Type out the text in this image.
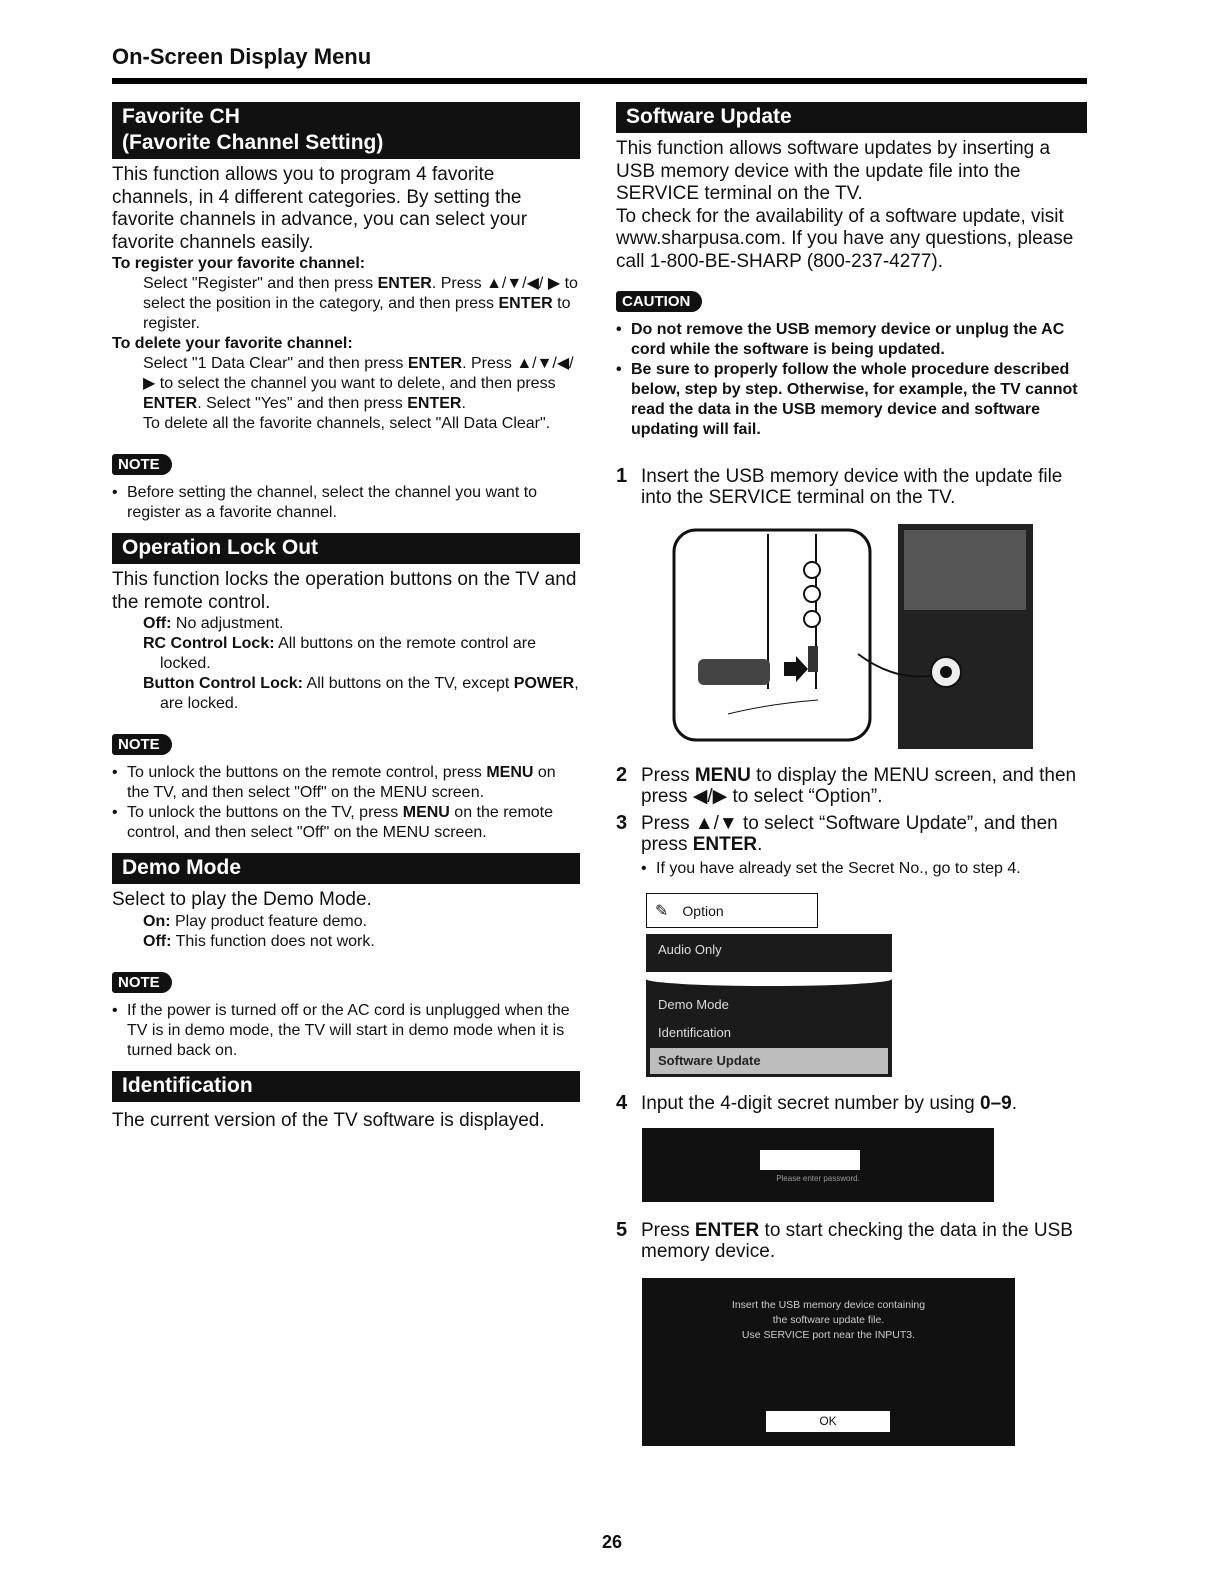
On-Screen Display Menu
Favorite CH
(Favorite Channel Setting)

This function allows you to program 4 favorite channels, in 4 different categories. By setting the favorite channels in advance, you can select your favorite channels easily.

To register your favorite channel:

Select "Register" and then press ENTER. Press ▲/▼/◀/ ▶ to select the position in the category, and then press ENTER to register.

To delete your favorite channel:

Select "1 Data Clear" and then press ENTER. Press ▲/▼/◀/▶ to select the channel you want to delete, and then press ENTER. Select "Yes" and then press ENTER.

To delete all the favorite channels, select "All Data Clear".

NOTE
• Before setting the channel, select the channel you want to register as a favorite channel.
Operation Lock Out

This function locks the operation buttons on the TV and the remote control.

Off: No adjustment.

RC Control Lock: All buttons on the remote control are locked.

Button Control Lock: All buttons on the TV, except POWER, are locked.

NOTE
• To unlock the buttons on the remote control, press MENU on the TV, and then select "Off" on the MENU screen.
• To unlock the buttons on the TV, press MENU on the remote control, and then select "Off" on the MENU screen.
Demo Mode

Select to play the Demo Mode.

On: Play product feature demo.

Off: This function does not work.

NOTE
• If the power is turned off or the AC cord is unplugged when the TV is in demo mode, the TV will start in demo mode when it is turned back on.
Identification

The current version of the TV software is displayed.

Software Update

This function allows software updates by inserting a USB memory device with the update file into the SERVICE terminal on the TV.

To check for the availability of a software update, visit www.sharpusa.com. If you have any questions, please call 1-800-BE-SHARP (800-237-4277).

CAUTION
• Do not remove the USB memory device or unplug the AC cord while the software is being updated.
• Be sure to properly follow the whole procedure described below, step by step. Otherwise, for example, the TV cannot read the data in the USB memory device and software updating will fail.
1 Insert the USB memory device with the update file into the SERVICE terminal on the TV.
2 Press MENU to display the MENU screen, and then press ◀/▶ to select “Option”.
3 Press ▲/▼ to select “Software Update”, and then press ENTER.
• If you have already set the Secret No., go to step 4.
✎ Option
Audio Only
Demo Mode
Identification
Software Update
4 Input the 4-digit secret number by using 0–9.
Please enter password.
5 Press ENTER to start checking the data in the USB memory device.
Insert the USB memory device containing
the software update file.
Use SERVICE port near the INPUT3.
OK
26
